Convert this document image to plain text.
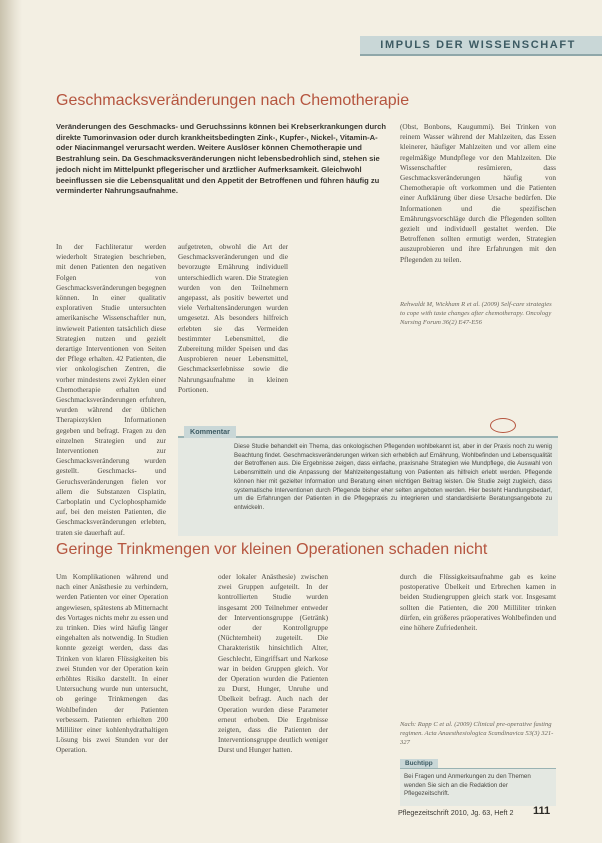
IMPULS DER WISSENSCHAFT
Geschmacksveränderungen nach Chemotherapie
Veränderungen des Geschmacks- und Geruchssinns können bei Krebserkrankungen durch direkte Tumorinvasion oder durch krankheitsbedingten Zink-, Kupfer-, Nickel-, Vitamin-A- oder Niacinmangel verursacht werden. Weitere Auslöser können Chemotherapie und Bestrahlung sein. Da Geschmacksveränderungen nicht lebensbedrohlich sind, stehen sie jedoch nicht im Mittelpunkt pflegerischer und ärztlicher Aufmerksamkeit. Gleichwohl beeinflussen sie die Lebensqualität und den Appetit der Betroffenen und führen häufig zu verminderter Nahrungsaufnahme.
In der Fachliteratur werden wiederholt Strategien beschrieben, mit denen Patienten den negativen Folgen von Geschmacksveränderungen begegnen können. In einer qualitativ explorativen Studie untersuchten amerikanische Wissenschaftler nun, inwieweit Patienten tatsächlich diese Strategien nutzen und gezielt derartige Interventionen von Seiten der Pflege erhalten. 42 Patienten, die vier onkologischen Zentren, die vorher mindestens zwei Zyklen einer Chemotherapie erhalten und Geschmacksveränderungen erfuhren, wurden während der üblichen Therapiezyklen Informationen gegeben und befragt. Fragen zu den einzelnen Strategien und zur Interventionen zur Geschmacksveränderung wurden gestellt. Geschmacks- und Geruchsveränderungen fielen vor allem die Substanzen Cisplatin, Carboplatin und Cyclophosphamide auf, bei den meisten Patienten, die Geschmacksveränderungen erlebten, traten sie dauerhaft auf.
aufgetreten, obwohl die Art der Geschmacksveränderungen und die bevorzugte Ernährung individuell unterschiedlich waren. Die Strategien wurden von den Teilnehmern angepasst, als positiv bewertet und viele Verhaltensänderungen wurden umgesetzt. Als besonders hilfreich erlebten sie das Vermeiden bestimmter Lebensmittel, die Zubereitung milder Speisen und das Ausprobieren neuer Lebensmittel, Geschmackserlebnisse sowie die Nahrungsaufnahme in kleinen Portionen.
(Obst, Bonbons, Kaugummi). Bei Trinken von reinem Wasser während der Mahlzeiten, das Essen kleinerer, häufiger Mahlzeiten und vor allem eine regelmäßige Mundpflege vor den Mahlzeiten. Die Wissenschaftler resümieren, dass Geschmacksveränderungen häufig von Chemotherapie oft vorkommen und die Patienten einer Aufklärung über diese Ursache bedürfen. Die Informationen und die spezifischen Ernährungsvorschläge durch die Pflegenden sollten gezielt und individuell gestaltet werden. Die Betroffenen sollten ermutigt werden, Strategien auszuprobieren und ihre Erfahrungen mit den Pflegenden zu teilen.
Rehwaldt M, Wickham R et al. (2009) Self-care strategies to cope with taste changes after chemotherapy. Oncology Nursing Forum 36(2) E47-E56
Kommentar
Diese Studie behandelt ein Thema, das onkologischen Pflegenden wohlbekannt ist, aber in der Praxis noch zu wenig Beachtung findet. Geschmacksveränderungen wirken sich erheblich auf Ernährung, Wohlbefinden und Lebensqualität der Betroffenen aus. Die Ergebnisse zeigen, dass einfache, praxisnahe Strategien wie Mundpflege, die Auswahl von Lebensmitteln und die Anpassung der Mahlzeitengestaltung von Patienten als hilfreich erlebt werden. Pflegende können hier mit gezielter Information und Beratung einen wichtigen Beitrag leisten. Die Studie zeigt zugleich, dass systematische Interventionen durch Pflegende bisher eher selten angeboten werden. Hier besteht Handlungsbedarf, um die Erfahrungen der Patienten in die Pflegepraxis zu integrieren und standardisierte Beratungsangebote zu entwickeln.
Geringe Trinkmengen vor kleinen Operationen schaden nicht
Um Komplikationen während und nach einer Anästhesie zu verhindern, werden Patienten vor einer Operation angewiesen, spätestens ab Mitternacht des Vortages nichts mehr zu essen und zu trinken. Dies wird häufig länger eingehalten als notwendig. In Studien konnte gezeigt werden, dass das Trinken von klaren Flüssigkeiten bis zwei Stunden vor der Operation kein erhöhtes Risiko darstellt. In einer Untersuchung wurde nun untersucht, ob geringe Trinkmengen das Wohlbefinden der Patienten verbessern. Patienten erhielten 200 Milliliter einer kohlenhydrathaltigen Lösung bis zwei Stunden vor der Operation.
oder lokaler Anästhesie) zwischen zwei Gruppen aufgeteilt. In der kontrollierten Studie wurden insgesamt 200 Teilnehmer entweder der Interventionsgruppe (Getränk) oder der Kontrollgruppe (Nüchternheit) zugeteilt. Die Charakteristik hinsichtlich Alter, Geschlecht, Eingriffsart und Narkose war in beiden Gruppen gleich. Vor der Operation wurden die Patienten zu Durst, Hunger, Unruhe und Übelkeit befragt. Auch nach der Operation wurden diese Parameter erneut erhoben. Die Ergebnisse zeigten, dass die Patienten der Interventionsgruppe deutlich weniger Durst und Hunger hatten.
durch die Flüssigkeitsaufnahme gab es keine postoperative Übelkeit und Erbrechen kamen in beiden Studiengruppen gleich stark vor. Insgesamt sollten die Patienten, die 200 Milliliter trinken dürfen, ein größeres präoperatives Wohlbefinden und eine höhere Zufriedenheit.
Nach: Rapp C et al. (2009) Clinical pre-operative fasting regimen. Acta Anaesthesiologica Scandinavica 53(3) 321-327
Buchtipp
Bei Fragen und Anmerkungen zu den Themen wenden Sie sich an die Redaktion der Pflegezeitschrift.
Pflegezeitschrift 2010, Jg. 63, Heft 2 111
